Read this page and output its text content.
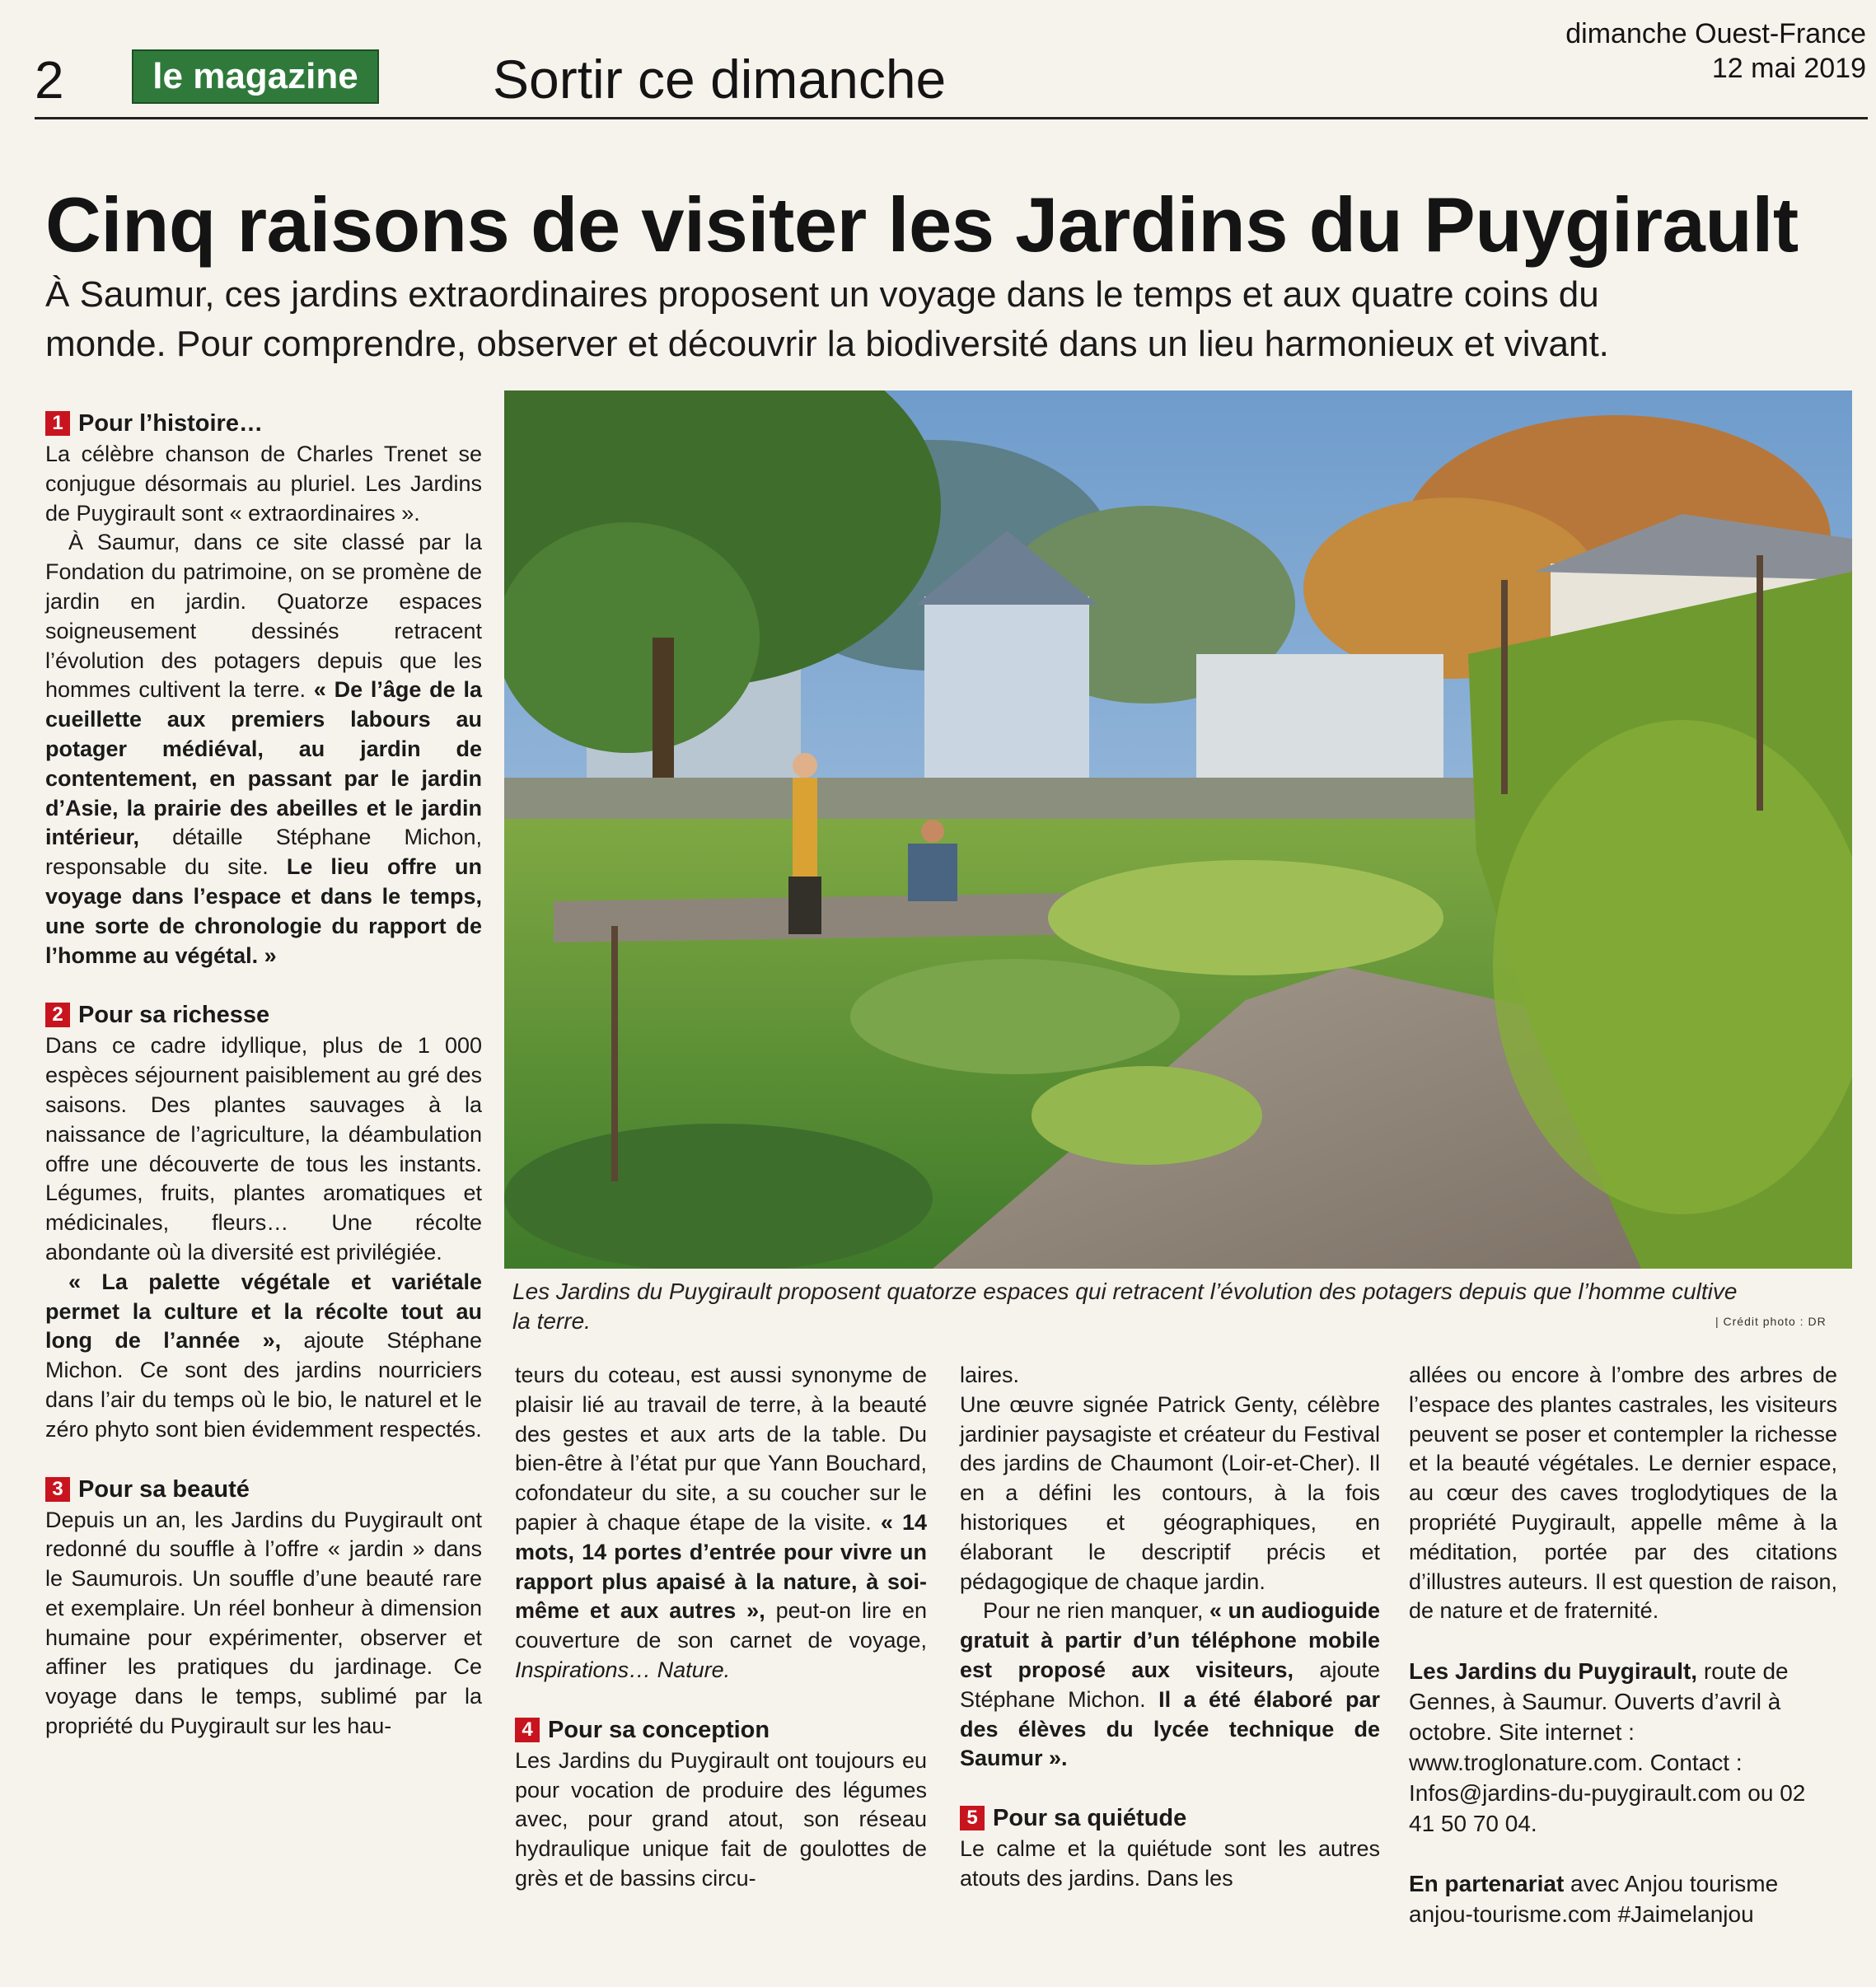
2	le magazine	Sortir ce dimanche
dimanche Ouest-France
12 mai 2019
Cinq raisons de visiter les Jardins du Puygirault
À Saumur, ces jardins extraordinaires proposent un voyage dans le temps et aux quatre coins du monde. Pour comprendre, observer et découvrir la biodiversité dans un lieu harmonieux et vivant.
Les Jardins du Puygirault proposent quatorze espaces qui retracent l’évolution des potagers depuis que l’homme cultive la terre.	| Crédit photo : DR
1 Pour l’histoire…

La célèbre chanson de Charles Trenet se conjugue désormais au pluriel. Les Jardins de Puygirault sont « extraordinaires ».

À Saumur, dans ce site classé par la Fondation du patrimoine, on se promène de jardin en jardin. Quatorze espaces soigneusement dessinés retracent l’évolution des potagers depuis que les hommes cultivent la terre. « De l’âge de la cueillette aux premiers labours au potager médiéval, au jardin de contentement, en passant par le jardin d’Asie, la prairie des abeilles et le jardin intérieur, détaille Stéphane Michon, responsable du site. Le lieu offre un voyage dans l’espace et dans le temps, une sorte de chronologie du rapport de l’homme au végétal. »

2 Pour sa richesse

Dans ce cadre idyllique, plus de 1 000 espèces séjournent paisiblement au gré des saisons. Des plantes sauvages à la naissance de l’agriculture, la déambulation offre une découverte de tous les instants. Légumes, fruits, plantes aromatiques et médicinales, fleurs… Une récolte abondante où la diversité est privilégiée.

« La palette végétale et variétale permet la culture et la récolte tout au long de l’année », ajoute Stéphane Michon. Ce sont des jardins nourriciers dans l’air du temps où le bio, le naturel et le zéro phyto sont bien évidemment respectés.

3 Pour sa beauté

Depuis un an, les Jardins du Puygirault ont redonné du souffle à l’offre « jardin » dans le Saumurois. Un souffle d’une beauté rare et exemplaire. Un réel bonheur à dimension humaine pour expérimenter, observer et affiner les pratiques du jardinage. Ce voyage dans le temps, sublimé par la propriété du Puygirault sur les hau-

teurs du coteau, est aussi synonyme de plaisir lié au travail de terre, à la beauté des gestes et aux arts de la table. Du bien-être à l’état pur que Yann Bouchard, cofondateur du site, a su coucher sur le papier à chaque étape de la visite. « 14 mots, 14 portes d’entrée pour vivre un rapport plus apaisé à la nature, à soi-même et aux autres », peut-on lire en couverture de son carnet de voyage, Inspirations… Nature.

4 Pour sa conception

Les Jardins du Puygirault ont toujours eu pour vocation de produire des légumes avec, pour grand atout, son réseau hydraulique unique fait de goulottes de grès et de bassins circu-

laires.

Une œuvre signée Patrick Genty, célèbre jardinier paysagiste et créateur du Festival des jardins de Chaumont (Loir-et-Cher). Il en a défini les contours, à la fois historiques et géographiques, en élaborant le descriptif précis et pédagogique de chaque jardin.

Pour ne rien manquer, « un audioguide gratuit à partir d’un téléphone mobile est proposé aux visiteurs, ajoute Stéphane Michon. Il a été élaboré par des élèves du lycée technique de Saumur ».

5 Pour sa quiétude

Le calme et la quiétude sont les autres atouts des jardins. Dans les

allées ou encore à l’ombre des arbres de l’espace des plantes castrales, les visiteurs peuvent se poser et contempler la richesse et la beauté végétales. Le dernier espace, au cœur des caves troglodytiques de la propriété Puygirault, appelle même à la méditation, portée par des citations d’illustres auteurs. Il est question de raison, de nature et de fraternité.

Les Jardins du Puygirault, route de Gennes, à Saumur. Ouverts d’avril à octobre. Site internet : www.troglonature.com. Contact : Infos@jardins-du-puygirault.com ou 02 41 50 70 04.

En partenariat avec Anjou tourisme anjou-tourisme.com #Jaimelanjou
